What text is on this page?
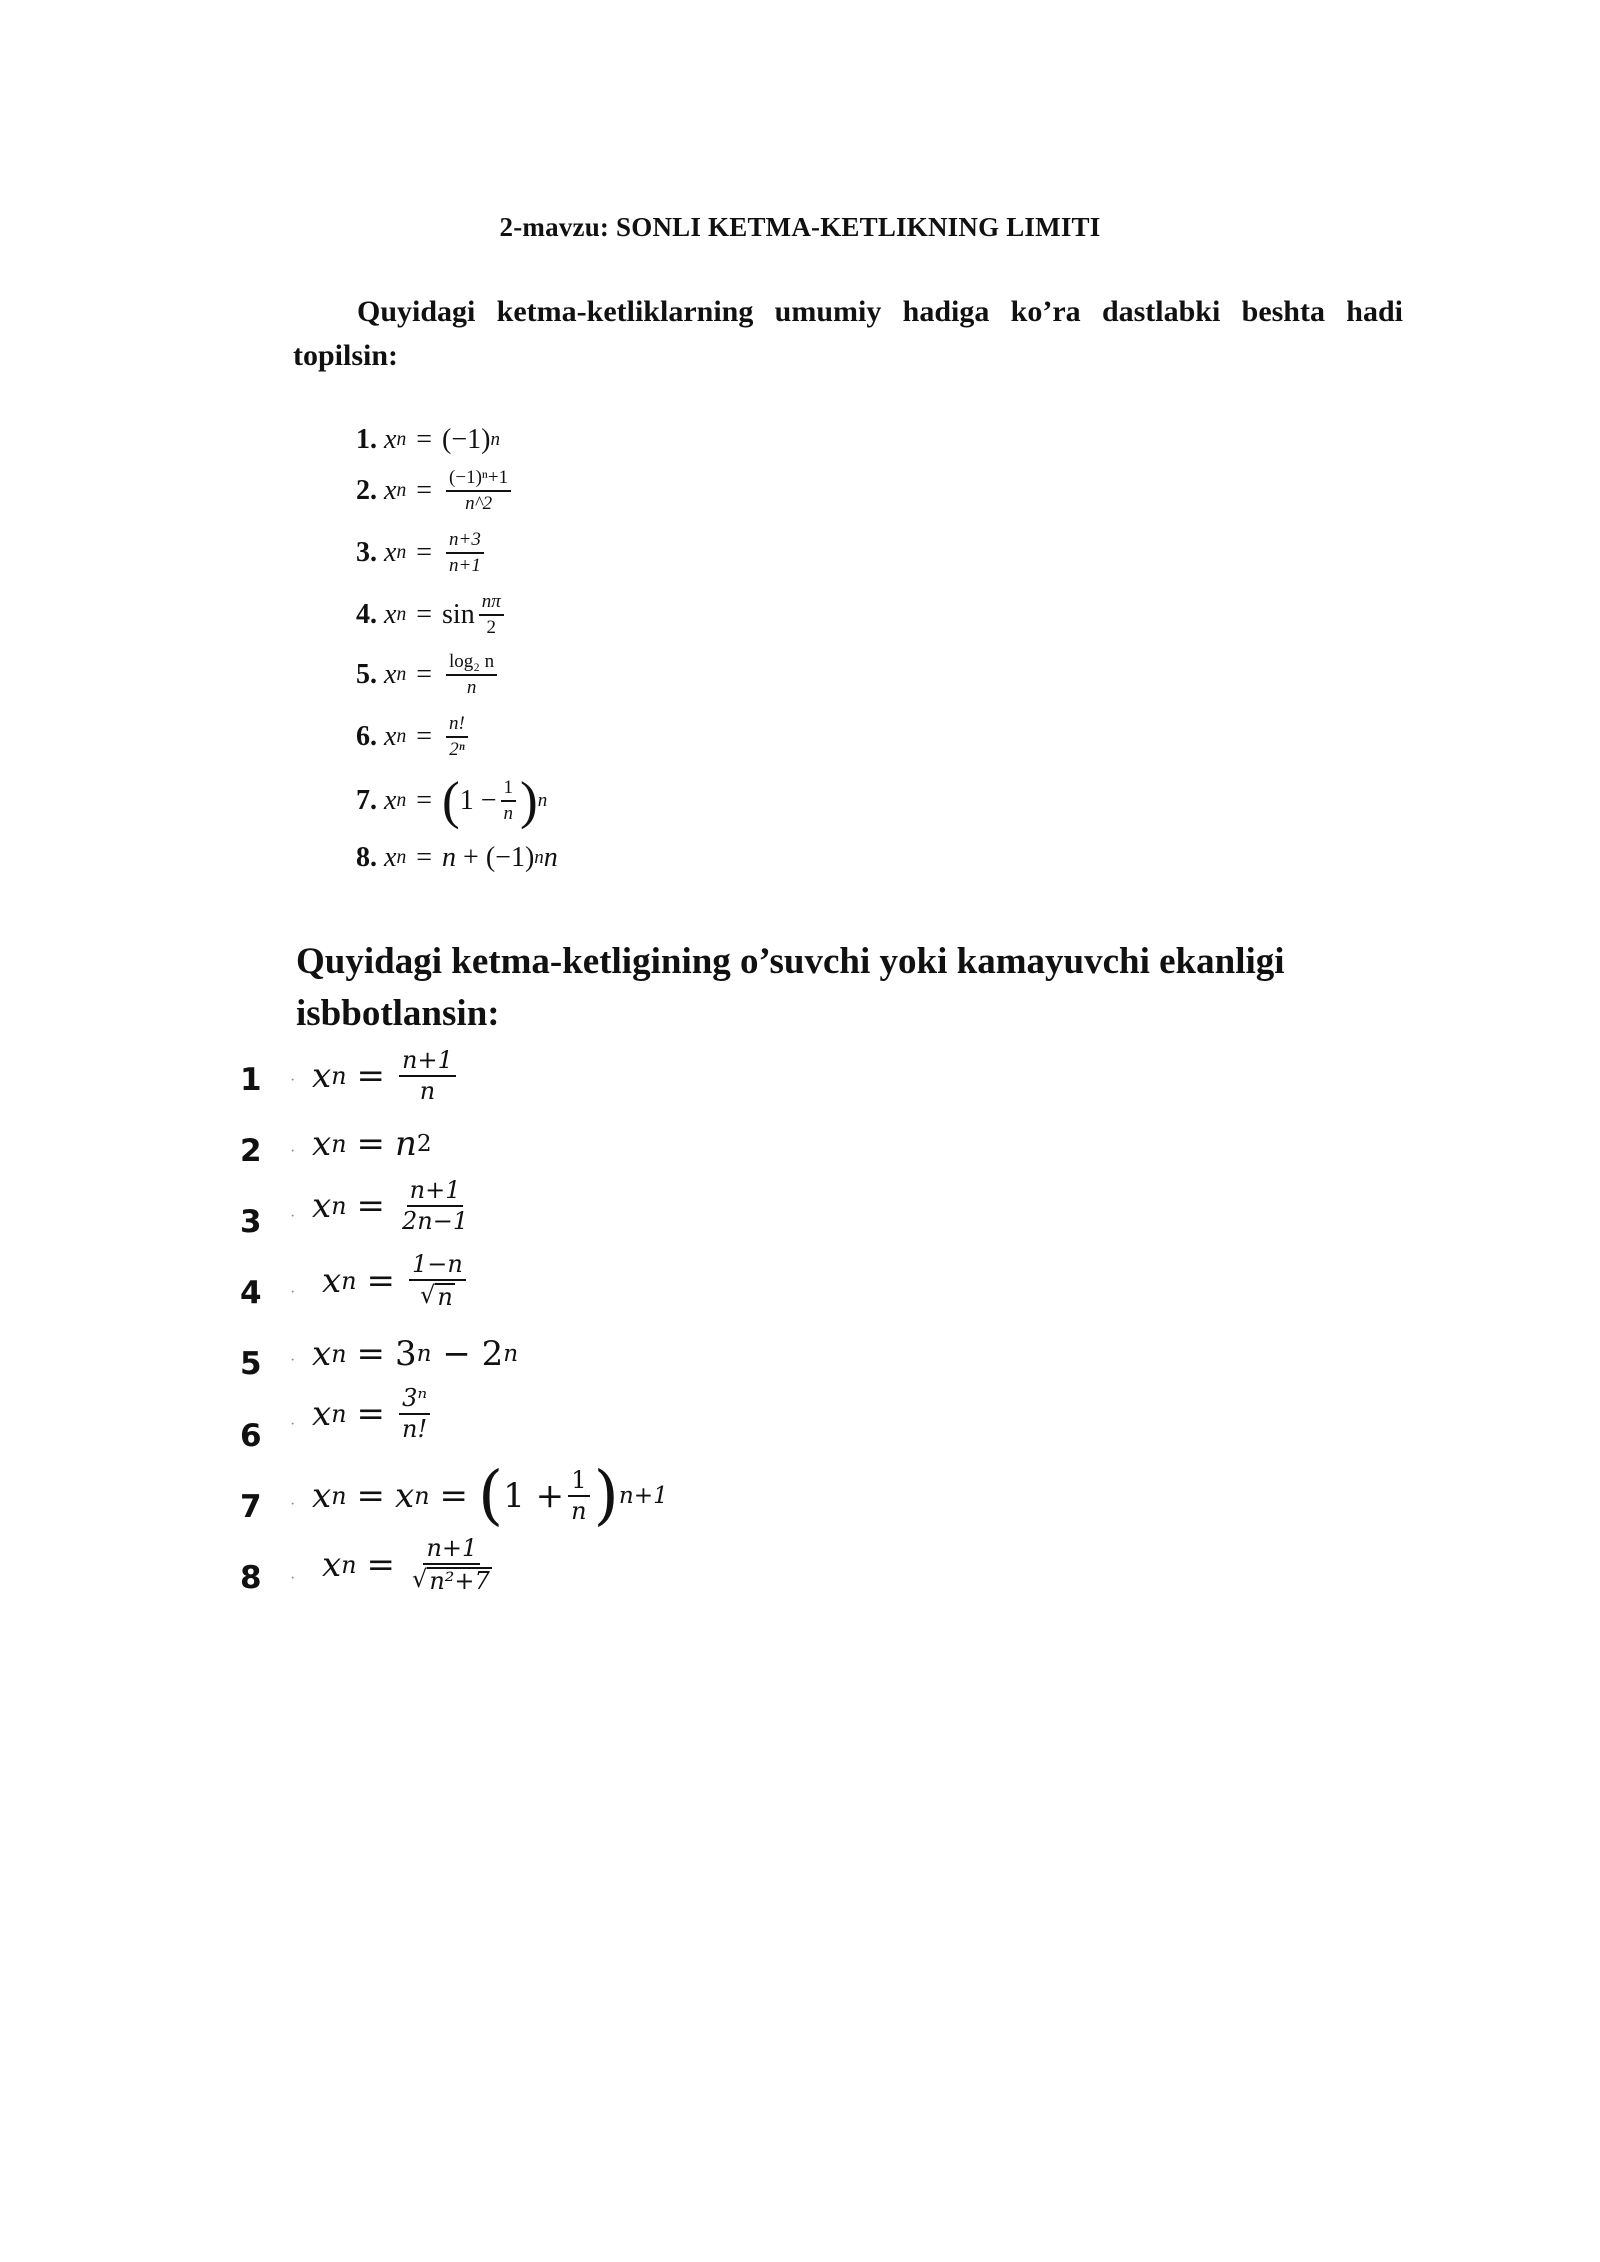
2-mavzu: SONLI KETMA-KETLIKNING LIMITI
Quyidagi ketma-ketliklarning umumiy hadiga ko’ra dastlabki beshta hadi topilsin:
1. x n = (−1) n
2. x $n = \frac{\text{(−1)ⁿ+1}}{n\^{}2}$
3. x $n = \frac{n+3}{n+1}$
4. x $n = \sin \frac{n\pi}{2}$
5. x $n = \frac{\text{log₂ n}}{n}$
6. x $n = \frac{n!}{\text{2ⁿ}}$
7. x n = ( $1 - \frac{1}{n}$ ) n
8. x n = n + (−1) n n
Quyidagi ketma-ketligining o’suvchi yoki kamayuvchi ekanligi isbbotlansin:
1
2
3
4
5
6
7
8
x $n = \frac{n+1}{n}$
x n = n 2
x $n = \frac{n+1}{2n-1}$
x $n = \frac{1-n}{√ n}$
x n = 3 n − 2 n
x $n = \frac{\text{3ⁿ}}{n!}$
x n = x n = ( $1 + \frac{1}{n}$ ) n+1
x $n = \frac{n+1}{\text{√ n²+7}}$
·
·
·
·
·
·
·
·
